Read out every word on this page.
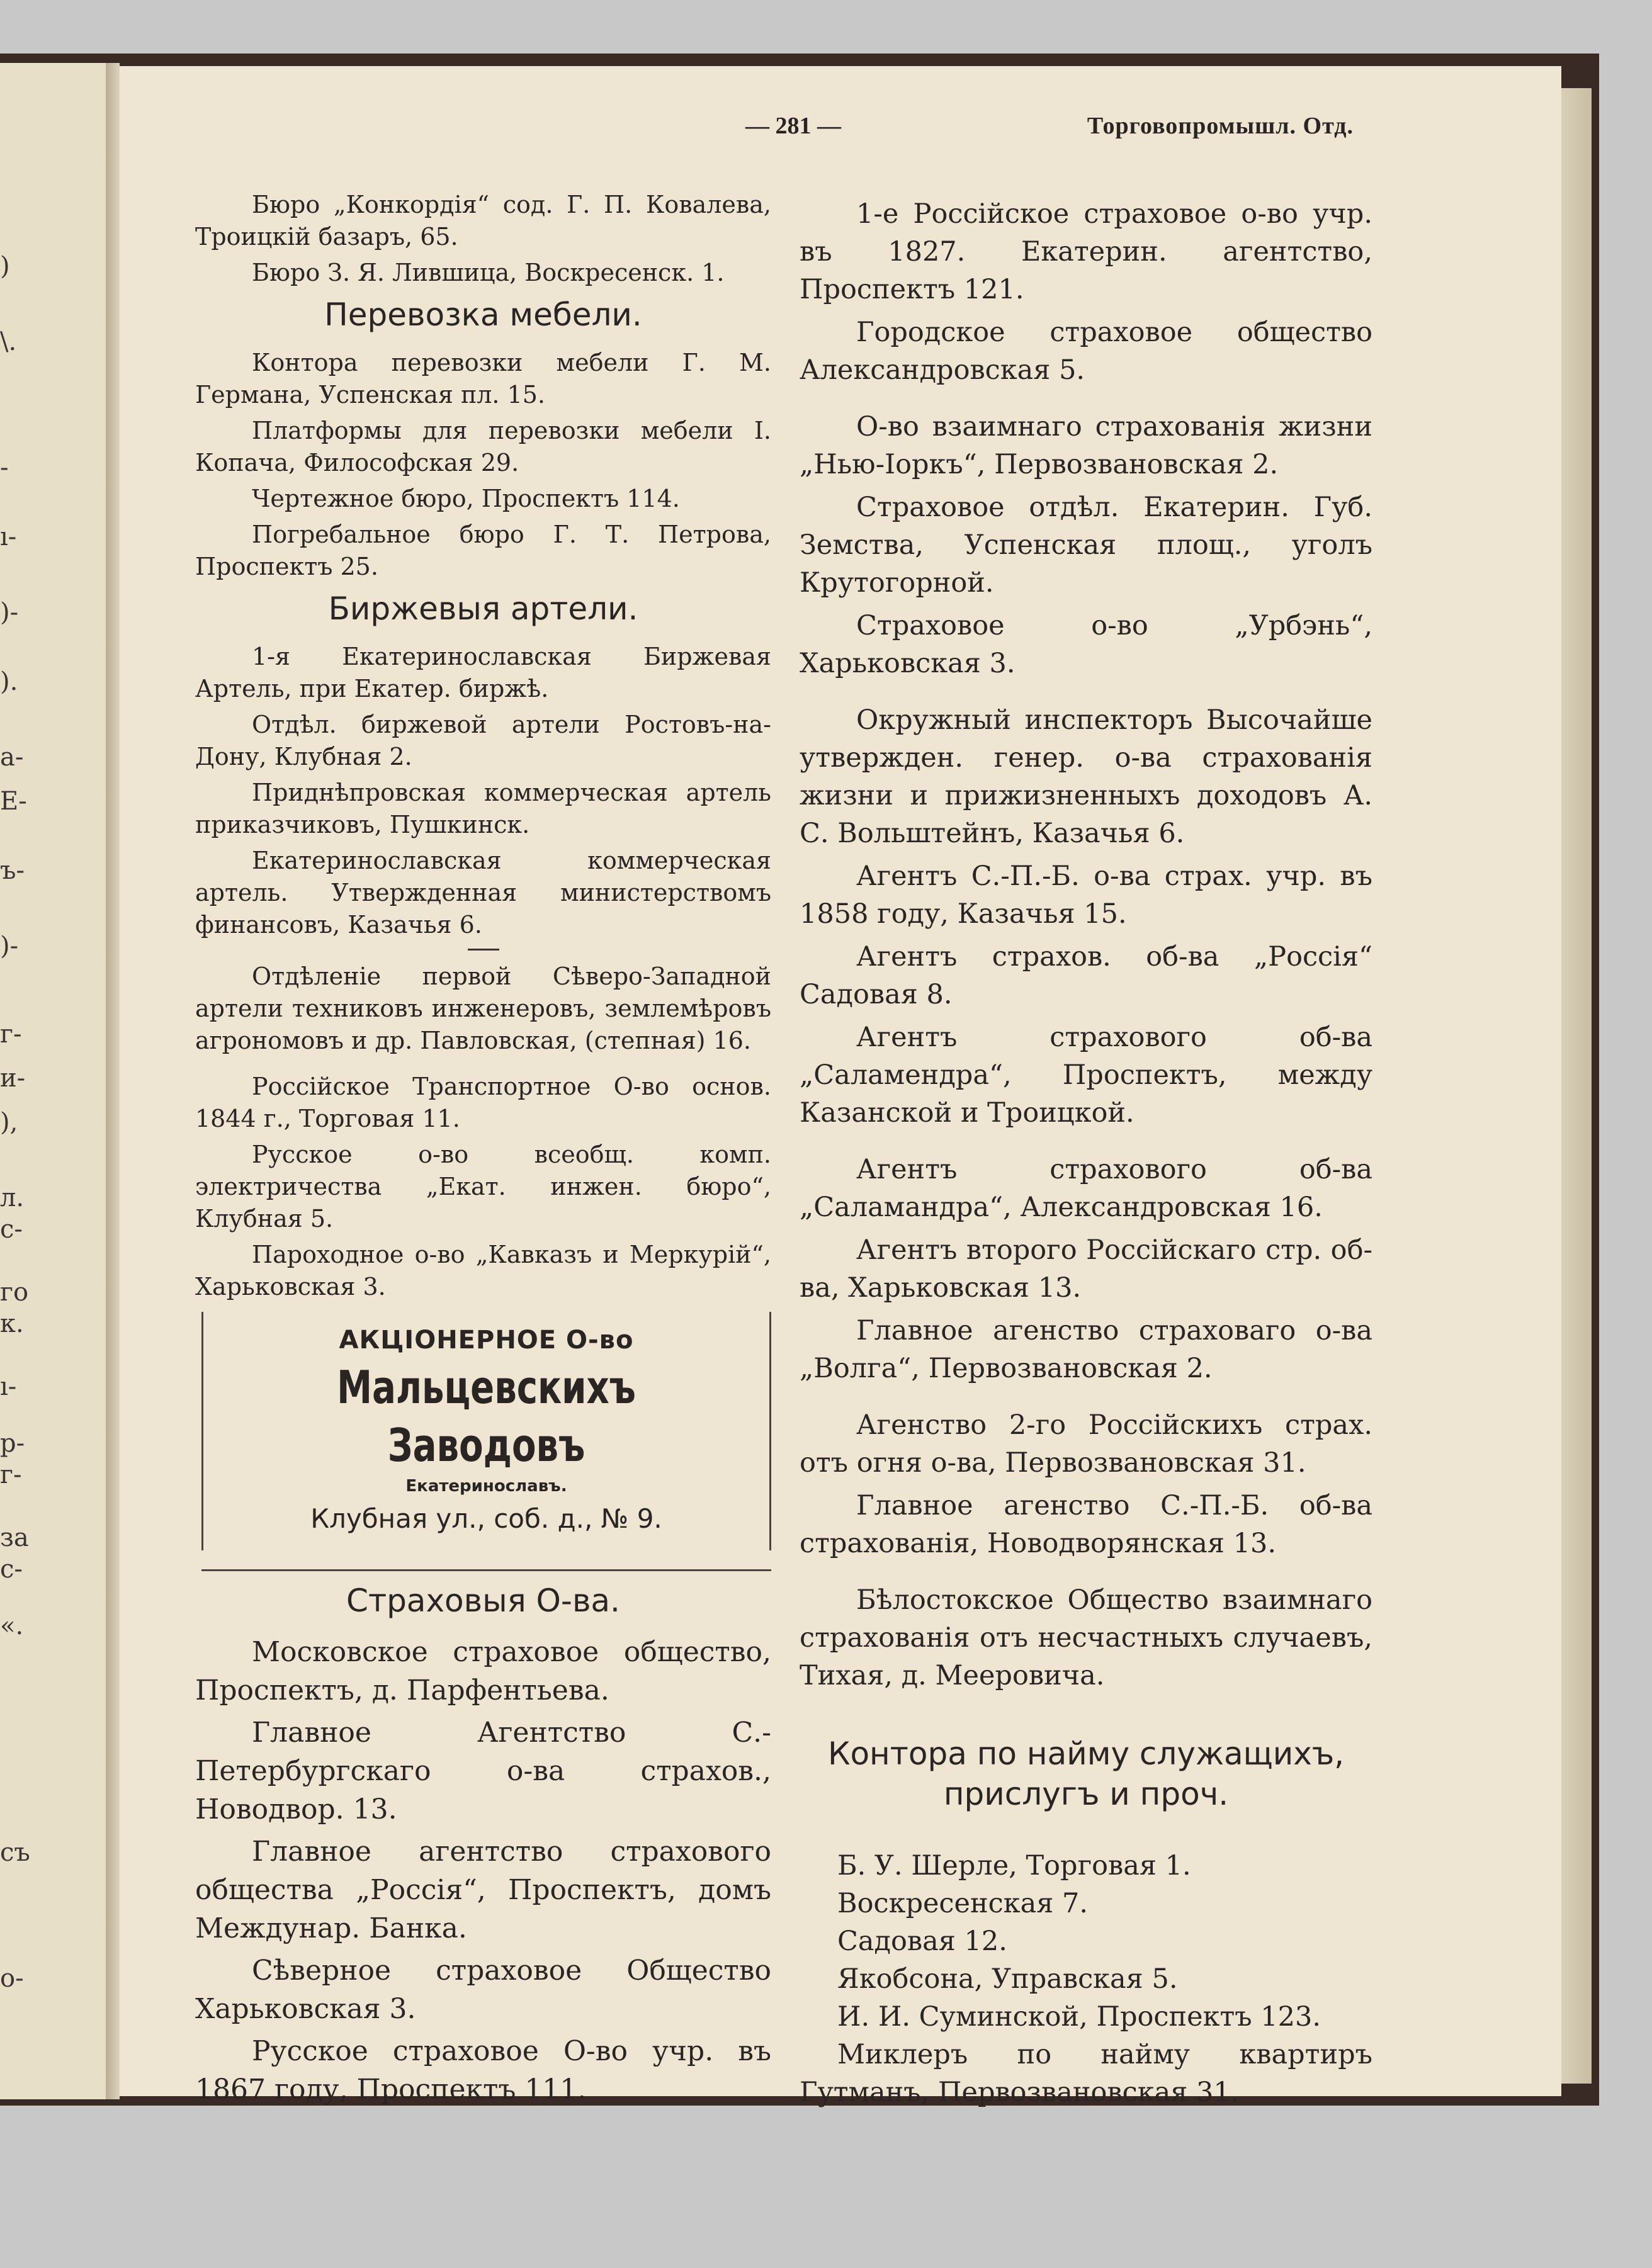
)
\.
-
ı-
)-
).
а-
Е-
ъ-
)-
г-
и-
),
л.
с-
го
к.
ı-
р-
г-
за
с-
«.
съ
о-
— 281 —	Торговопромышл. Отд.

Бюро „Конкордія“ сод. Г. П. Ковалева, Троицкій базаръ, 65.

Бюро З. Я. Лившица, Воскресенск. 1.

Перевозка мебели.

Контора перевозки мебели Г. М. Германа, Успенская пл. 15.

Платформы для перевозки мебели І. Копача, Философская 29.

Чертежное бюро, Проспектъ 114.

Погребальное бюро Г. Т. Петрова, Проспектъ 25.

Биржевыя артели.

1-я Екатеринославская Биржевая Артель, при Екатер. биржѣ.

Отдѣл. биржевой артели Ростовъ-на-Дону, Клубная 2.

Приднѣпровская коммерческая артель приказчиковъ, Пушкинск.

Екатеринославская коммерческая артель. Утвержденная министерствомъ финансовъ, Казачья 6.

Отдѣленіе первой Сѣверо-Западной артели техниковъ инженеровъ, землемѣровъ агрономовъ и др. Павловская, (степная) 16.

Россійское Транспортное О-во основ. 1844 г., Торговая 11.

Русское о-во всеобщ. комп. электричества „Екат. инжен. бюро“, Клубная 5.

Пароходное о-во „Кавказъ и Меркурій“, Харьковская 3.

АКЦІОНЕРНОЕ О-во
Мальцевскихъ Заводовъ
Екатеринославъ.
Клубная ул., соб. д., № 9.
Страховыя О-ва.

Московское страховое общество, Проспектъ, д. Парфентьева.

Главное Агентство С.-Петербургскаго о-ва страхов., Новодвор. 13.

Главное агентство страхового общества „Россія“, Проспектъ, домъ Междунар. Банка.

Сѣверное страховое Общество Харьковская 3.

Русское страховое О-во учр. въ 1867 году, Проспектъ 111.

1-е Россійское страховое о-во учр. въ 1827. Екатерин. агентство, Проспектъ 121.

Городское страховое общество Александровская 5.

О-во взаимнаго страхованія жизни „Нью-Іоркъ“, Первозвановская 2.

Страховое отдѣл. Екатерин. Губ. Земства, Успенская площ., уголъ Крутогорной.

Страховое о-во „Урбэнь“, Харьковская 3.

Окружный инспекторъ Высочайше утвержден. генер. о-ва страхованія жизни и прижизненныхъ доходовъ А. С. Вольштейнъ, Казачья 6.

Агентъ С.-П.-Б. о-ва страх. учр. въ 1858 году, Казачья 15.

Агентъ страхов. об-ва „Россія“ Садовая 8.

Агентъ страхового об-ва „Саламендра“, Проспектъ, между Казанской и Троицкой.

Агентъ страхового об-ва „Саламандра“, Александровская 16.

Агентъ второго Россійскаго стр. об-ва, Харьковская 13.

Главное агенство страховаго о-ва „Волга“, Первозвановская 2.

Агенство 2-го Россійскихъ страх. отъ огня о-ва, Первозвановская 31.

Главное агенство С.-П.-Б. об-ва страхованія, Новодворянская 13.

Бѣлостокское Общество взаимнаго страхованія отъ несчастныхъ случаевъ, Тихая, д. Мееровича.

Контора по найму служащихъ,
прислугъ и проч.
Б. У. Шерле, Торговая 1.
Воскресенская 7.
Садовая 12.
Якобсона, Управская 5.
И. И. Суминской, Проспектъ 123.

Миклеръ по найму квартиръ Гутманъ, Первозвановская 31.
